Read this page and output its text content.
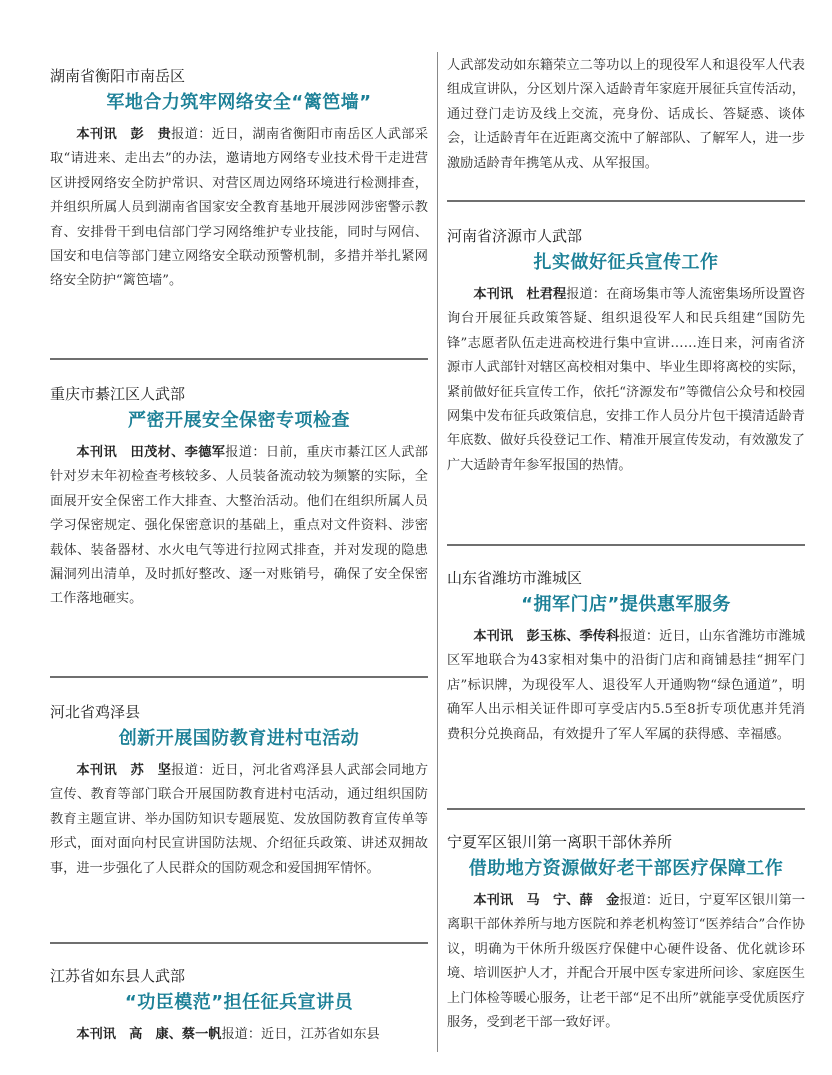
湖南省衡阳市南岳区
军地合力筑牢网络安全“篱笆墙”
本刊讯　彭　贵报道：近日，湖南省衡阳市南岳区人武部采取“请进来、走出去”的办法，邀请地方网络专业技术骨干走进营区讲授网络安全防护常识、对营区周边网络环境进行检测排查，并组织所属人员到湖南省国家安全教育基地开展涉网涉密警示教育、安排骨干到电信部门学习网络维护专业技能，同时与网信、国安和电信等部门建立网络安全联动预警机制，多措并举扎紧网络安全防护“篱笆墙”。
重庆市綦江区人武部
严密开展安全保密专项检查
本刊讯　田茂材、李德军报道：日前，重庆市綦江区人武部针对岁末年初检查考核较多、人员装备流动较为频繁的实际，全面展开安全保密工作大排查、大整治活动。他们在组织所属人员学习保密规定、强化保密意识的基础上，重点对文件资料、涉密载体、装备器材、水火电气等进行拉网式排查，并对发现的隐患漏洞列出清单，及时抓好整改、逐一对账销号，确保了安全保密工作落地砸实。
河北省鸡泽县
创新开展国防教育进村屯活动
本刊讯　苏　坚报道：近日，河北省鸡泽县人武部会同地方宣传、教育等部门联合开展国防教育进村屯活动，通过组织国防教育主题宣讲、举办国防知识专题展览、发放国防教育宣传单等形式，面对面向村民宣讲国防法规、介绍征兵政策、讲述双拥故事，进一步强化了人民群众的国防观念和爱国拥军情怀。
江苏省如东县人武部
“功臣模范”担任征兵宣讲员
本刊讯　高　康、蔡一帆报道：近日，江苏省如东县
人武部发动如东籍荣立二等功以上的现役军人和退役军人代表组成宣讲队，分区划片深入适龄青年家庭开展征兵宣传活动，通过登门走访及线上交流，亮身份、话成长、答疑惑、谈体会，让适龄青年在近距离交流中了解部队、了解军人，进一步激励适龄青年携笔从戎、从军报国。
河南省济源市人武部
扎实做好征兵宣传工作
本刊讯　杜君程报道：在商场集市等人流密集场所设置咨询台开展征兵政策答疑、组织退役军人和民兵组建“国防先锋”志愿者队伍走进高校进行集中宣讲……连日来，河南省济源市人武部针对辖区高校相对集中、毕业生即将离校的实际，紧前做好征兵宣传工作，依托“济源发布”等微信公众号和校园网集中发布征兵政策信息，安排工作人员分片包干摸清适龄青年底数、做好兵役登记工作、精准开展宣传发动，有效激发了广大适龄青年参军报国的热情。
山东省潍坊市潍城区
“拥军门店”提供惠军服务
本刊讯　彭玉栋、季传科报道：近日，山东省潍坊市潍城区军地联合为43家相对集中的沿街门店和商铺悬挂“拥军门店”标识牌，为现役军人、退役军人开通购物“绿色通道”，明确军人出示相关证件即可享受店内5.5至8折专项优惠并凭消费积分兑换商品，有效提升了军人军属的获得感、幸福感。
宁夏军区银川第一离职干部休养所
借助地方资源做好老干部医疗保障工作
本刊讯　马　宁、薛　金报道：近日，宁夏军区银川第一离职干部休养所与地方医院和养老机构签订“医养结合”合作协议，明确为干休所升级医疗保健中心硬件设备、优化就诊环境、培训医护人才，并配合开展中医专家进所问诊、家庭医生上门体检等暖心服务，让老干部“足不出所”就能享受优质医疗服务，受到老干部一致好评。
